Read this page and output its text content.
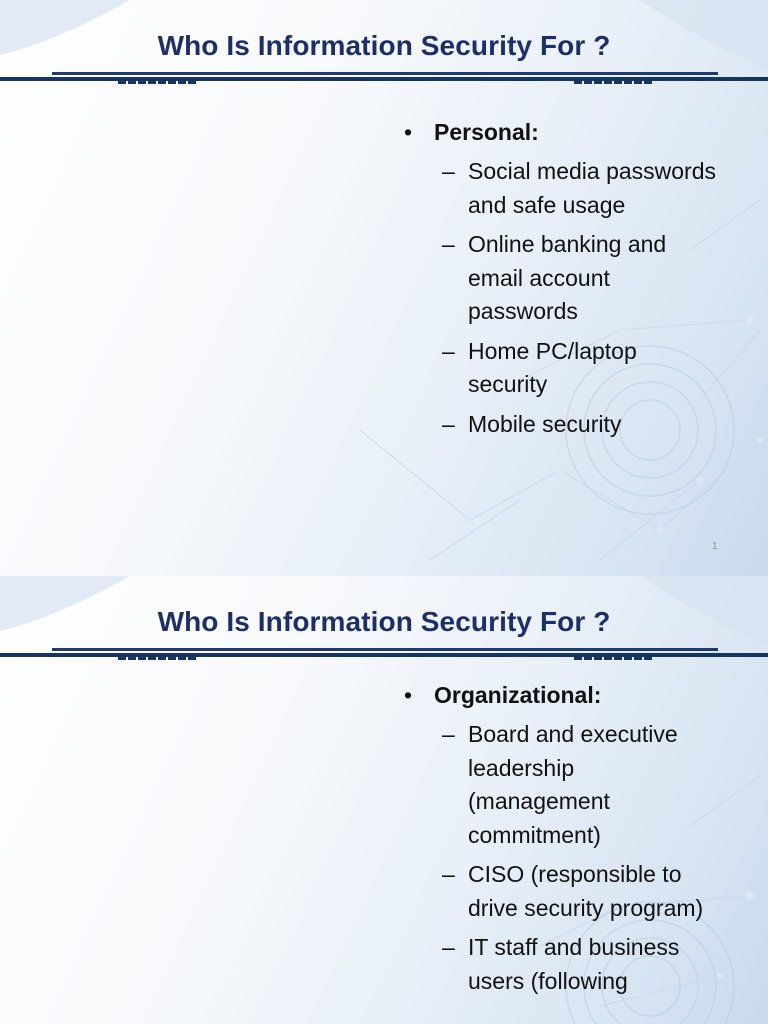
Who Is Information Security For ?
• Personal:
– Social media passwords and safe usage
– Online banking and email account passwords
– Home PC/laptop security
– Mobile security
1
Who Is Information Security For ?
• Organizational:
– Board and executive leadership (management commitment)
– CISO (responsible to drive security program)
– IT staff and business users (following
